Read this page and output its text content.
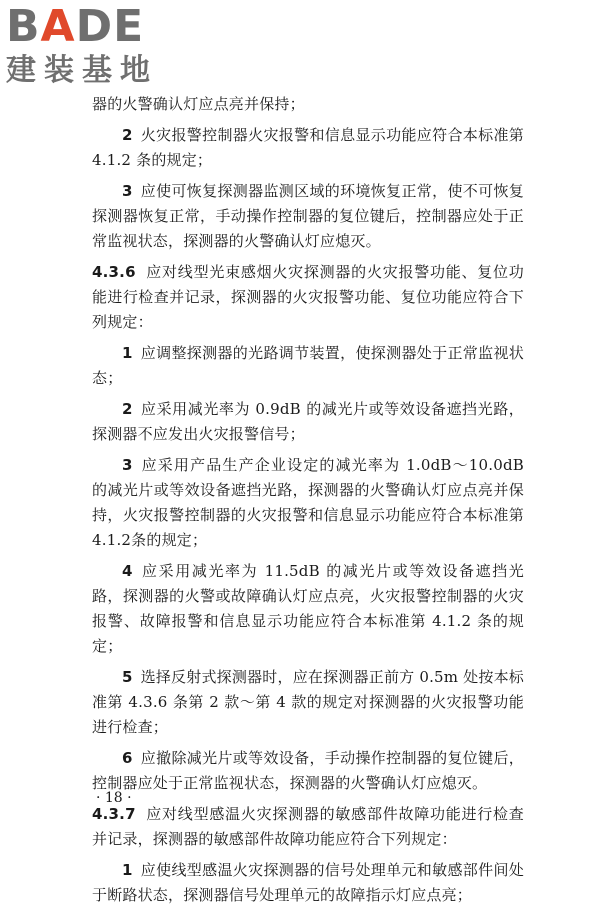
B A DE
建装基地

器的火警确认灯应点亮并保持；

2 火灾报警控制器火灾报警和信息显示功能应符合本标准第 4.1.2 条的规定；

3 应使可恢复探测器监测区域的环境恢复正常，使不可恢复探测器恢复正常，手动操作控制器的复位键后，控制器应处于正常监视状态，探测器的火警确认灯应熄灭。

4.3.6 应对线型光束感烟火灾探测器的火灾报警功能、复位功能进行检查并记录，探测器的火灾报警功能、复位功能应符合下列规定：

1 应调整探测器的光路调节装置，使探测器处于正常监视状态；

2 应采用减光率为 0.9dB 的减光片或等效设备遮挡光路，探测器不应发出火灾报警信号；

3 应采用产品生产企业设定的减光率为 1.0dB～10.0dB 的减光片或等效设备遮挡光路，探测器的火警确认灯应点亮并保持，火灾报警控制器的火灾报警和信息显示功能应符合本标准第 4.1.2条的规定；

4 应采用减光率为 11.5dB 的减光片或等效设备遮挡光路，探测器的火警或故障确认灯应点亮，火灾报警控制器的火灾报警、故障报警和信息显示功能应符合本标准第 4.1.2 条的规定；

5 选择反射式探测器时，应在探测器正前方 0.5m 处按本标准第 4.3.6 条第 2 款～第 4 款的规定对探测器的火灾报警功能进行检查；

6 应撤除减光片或等效设备，手动操作控制器的复位键后，控制器应处于正常监视状态，探测器的火警确认灯应熄灭。

4.3.7 应对线型感温火灾探测器的敏感部件故障功能进行检查并记录，探测器的敏感部件故障功能应符合下列规定：

1 应使线型感温火灾探测器的信号处理单元和敏感部件间处于断路状态，探测器信号处理单元的故障指示灯应点亮；

· 18 ·
